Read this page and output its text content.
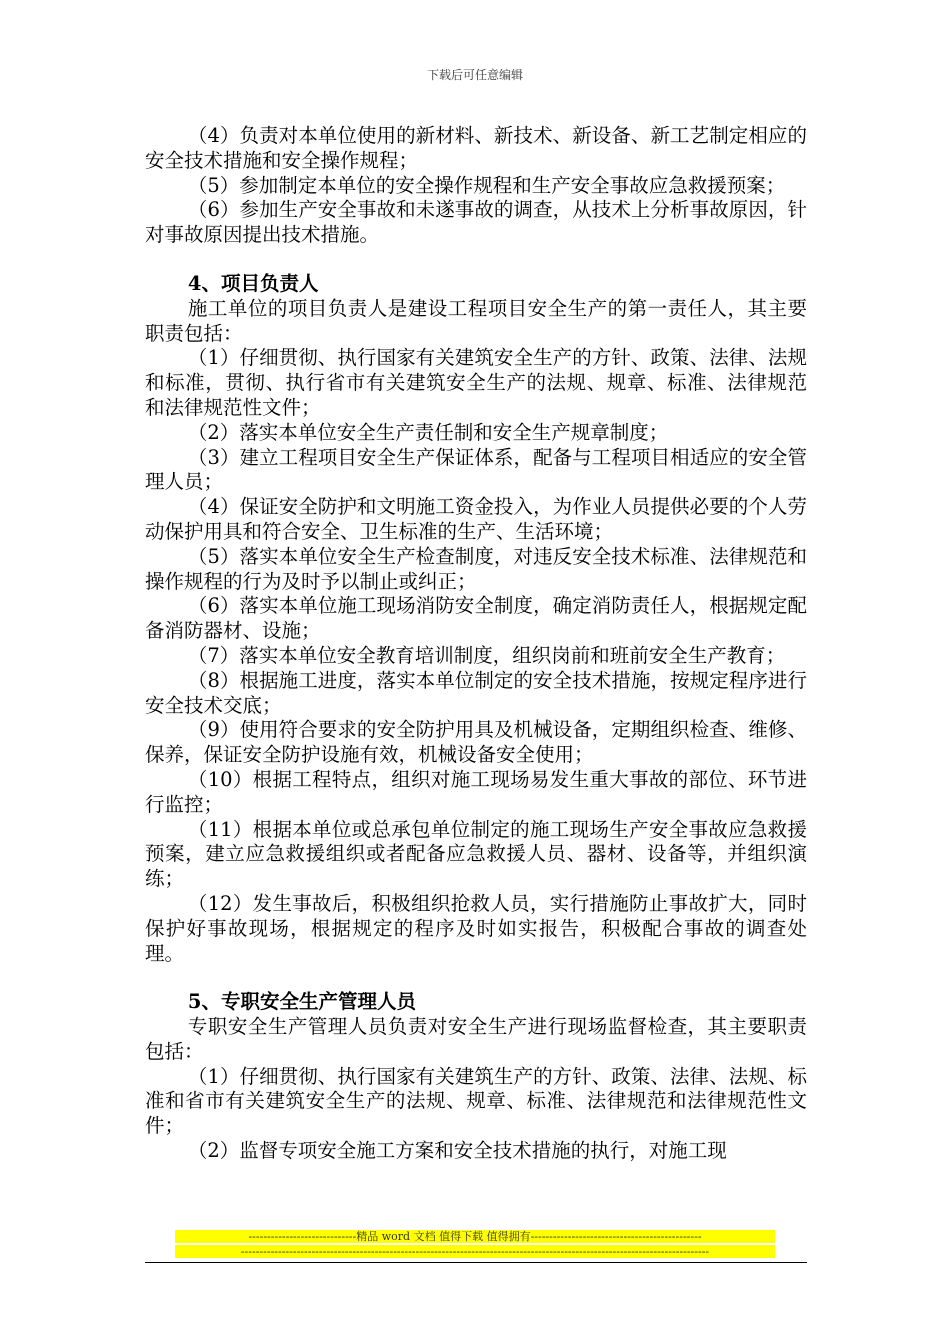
下载后可任意编辑

（4）负责对本单位使用的新材料、新技术、新设备、新工艺制定相应的安全技术措施和安全操作规程；

（5）参加制定本单位的安全操作规程和生产安全事故应急救援预案；

（6）参加生产安全事故和未遂事故的调查，从技术上分析事故原因，针对事故原因提出技术措施。

4、项目负责人

施工单位的项目负责人是建设工程项目安全生产的第一责任人，其主要职责包括：

（1）仔细贯彻、执行国家有关建筑安全生产的方针、政策、法律、法规和标准，贯彻、执行省市有关建筑安全生产的法规、规章、标准、法律规范和法律规范性文件；

（2）落实本单位安全生产责任制和安全生产规章制度；

（3）建立工程项目安全生产保证体系，配备与工程项目相适应的安全管理人员；

（4）保证安全防护和文明施工资金投入，为作业人员提供必要的个人劳动保护用具和符合安全、卫生标准的生产、生活环境；

（5）落实本单位安全生产检查制度，对违反安全技术标准、法律规范和操作规程的行为及时予以制止或纠正；

（6）落实本单位施工现场消防安全制度，确定消防责任人，根据规定配备消防器材、设施；

（7）落实本单位安全教育培训制度，组织岗前和班前安全生产教育；

（8）根据施工进度，落实本单位制定的安全技术措施，按规定程序进行安全技术交底；

（9）使用符合要求的安全防护用具及机械设备，定期组织检查、维修、保养，保证安全防护设施有效，机械设备安全使用；

（10）根据工程特点，组织对施工现场易发生重大事故的部位、环节进行监控；

（11）根据本单位或总承包单位制定的施工现场生产安全事故应急救援预案，建立应急救援组织或者配备应急救援人员、器材、设备等，并组织演练；

（12）发生事故后，积极组织抢救人员，实行措施防止事故扩大，同时保护好事故现场，根据规定的程序及时如实报告，积极配合事故的调查处理。

5、专职安全生产管理人员

专职安全生产管理人员负责对安全生产进行现场监督检查，其主要职责包括：

（1）仔细贯彻、执行国家有关建筑生产的方针、政策、法律、法规、标准和省市有关建筑安全生产的法规、规章、标准、法律规范和法律规范性文件；

（2）监督专项安全施工方案和安全技术措施的执行，对施工现

-----------------------------精品 word 文档 值得下载 值得拥有----------------------------------------------
------------------------------------------------------------------------------------------------------------------------------
